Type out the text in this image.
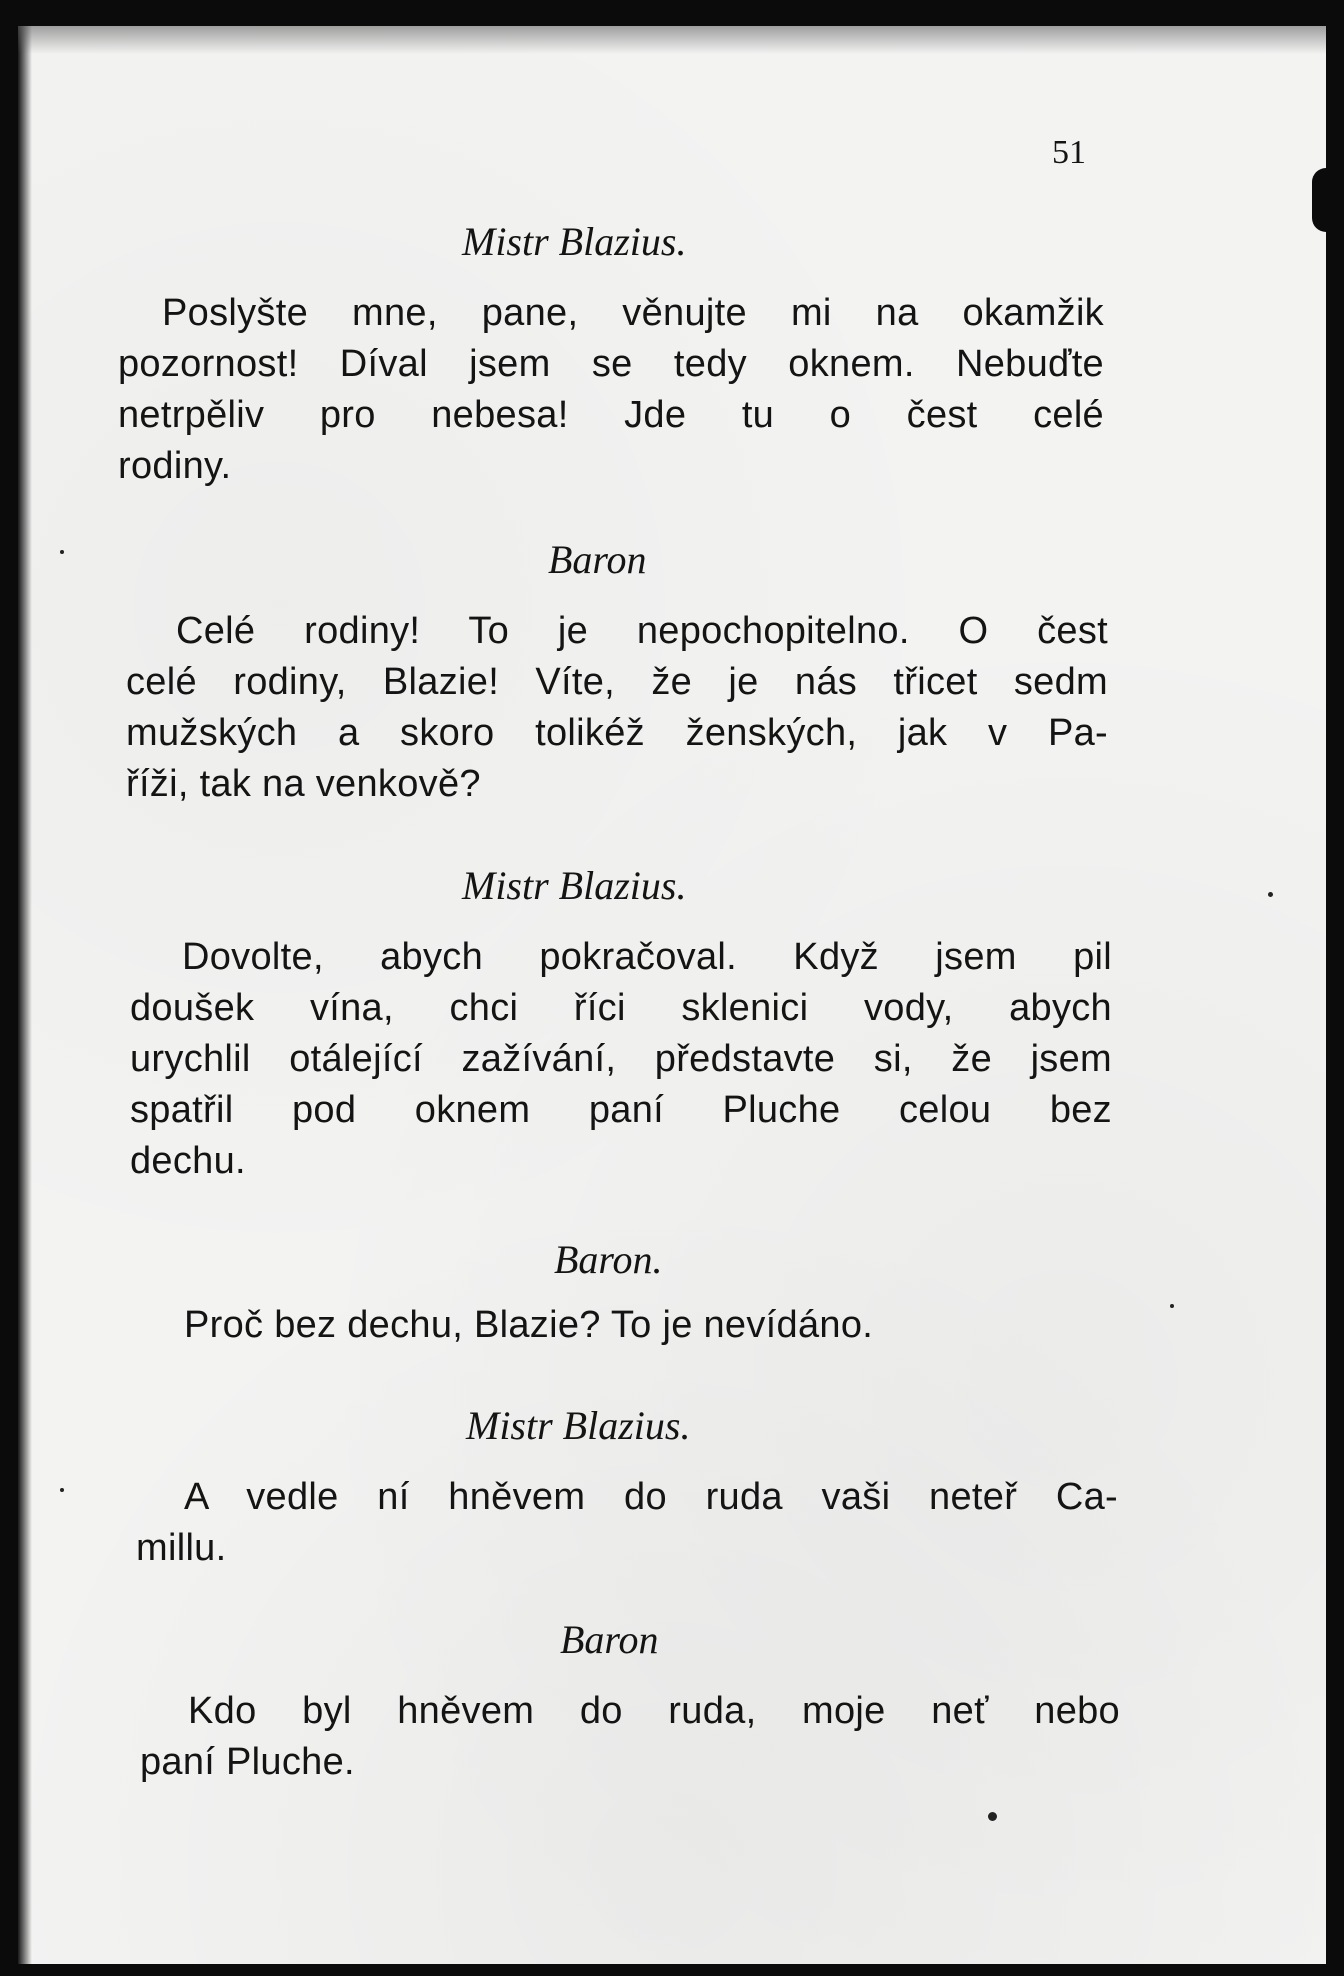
51
Mistr Blazius.
Poslyšte mne, pane, věnujte mi na okamžik
pozornost! Díval jsem se tedy oknem. Nebuďte
netrpěliv pro nebesa! Jde tu o čest celé
rodiny.
Baron
Celé rodiny! To je nepochopitelno. O čest
celé rodiny, Blazie! Víte, že je nás třicet sedm
mužských a skoro tolikéž ženských, jak v Pa-
říži, tak na venkově?
Mistr Blazius.
Dovolte, abych pokračoval. Když jsem pil
doušek vína, chci říci sklenici vody, abych
urychlil otálející zažívání, představte si, že jsem
spatřil pod oknem paní Pluche celou bez
dechu.
Baron.
Proč bez dechu, Blazie? To je nevídáno.
Mistr Blazius.
A vedle ní hněvem do ruda vaši neteř Ca-
millu.
Baron
Kdo byl hněvem do ruda, moje neť nebo
paní Pluche.
